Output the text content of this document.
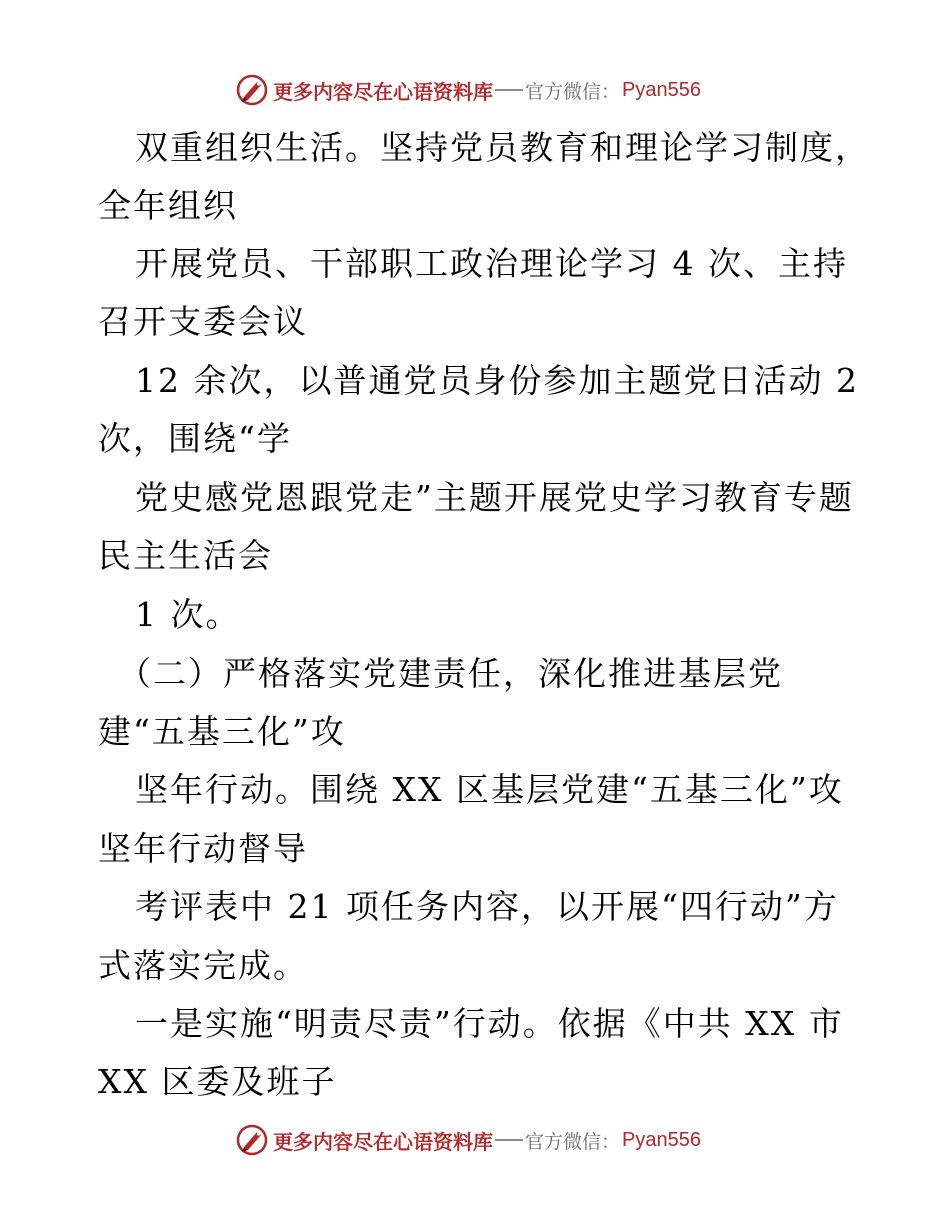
更多内容尽在心语资料库 官方微信： Pyan556
双重组织生活。坚持党员教育和理论学习制度，
全年组织
开展党员、干部职工政治理论学习 4 次、主持
召开支委会议
12 余次，以普通党员身份参加主题党日活动 2
次，围绕“学
党史感党恩跟党走”主题开展党史学习教育专题
民主生活会
1 次。
（二）严格落实党建责任，深化推进基层党
建“五基三化”攻
坚年行动。围绕 XX 区基层党建“五基三化”攻
坚年行动督导
考评表中 21 项任务内容，以开展“四行动”方
式落实完成。
一是实施“明责尽责”行动。依据《中共 XX 市
XX 区委及班子
更多内容尽在心语资料库 官方微信： Pyan556
